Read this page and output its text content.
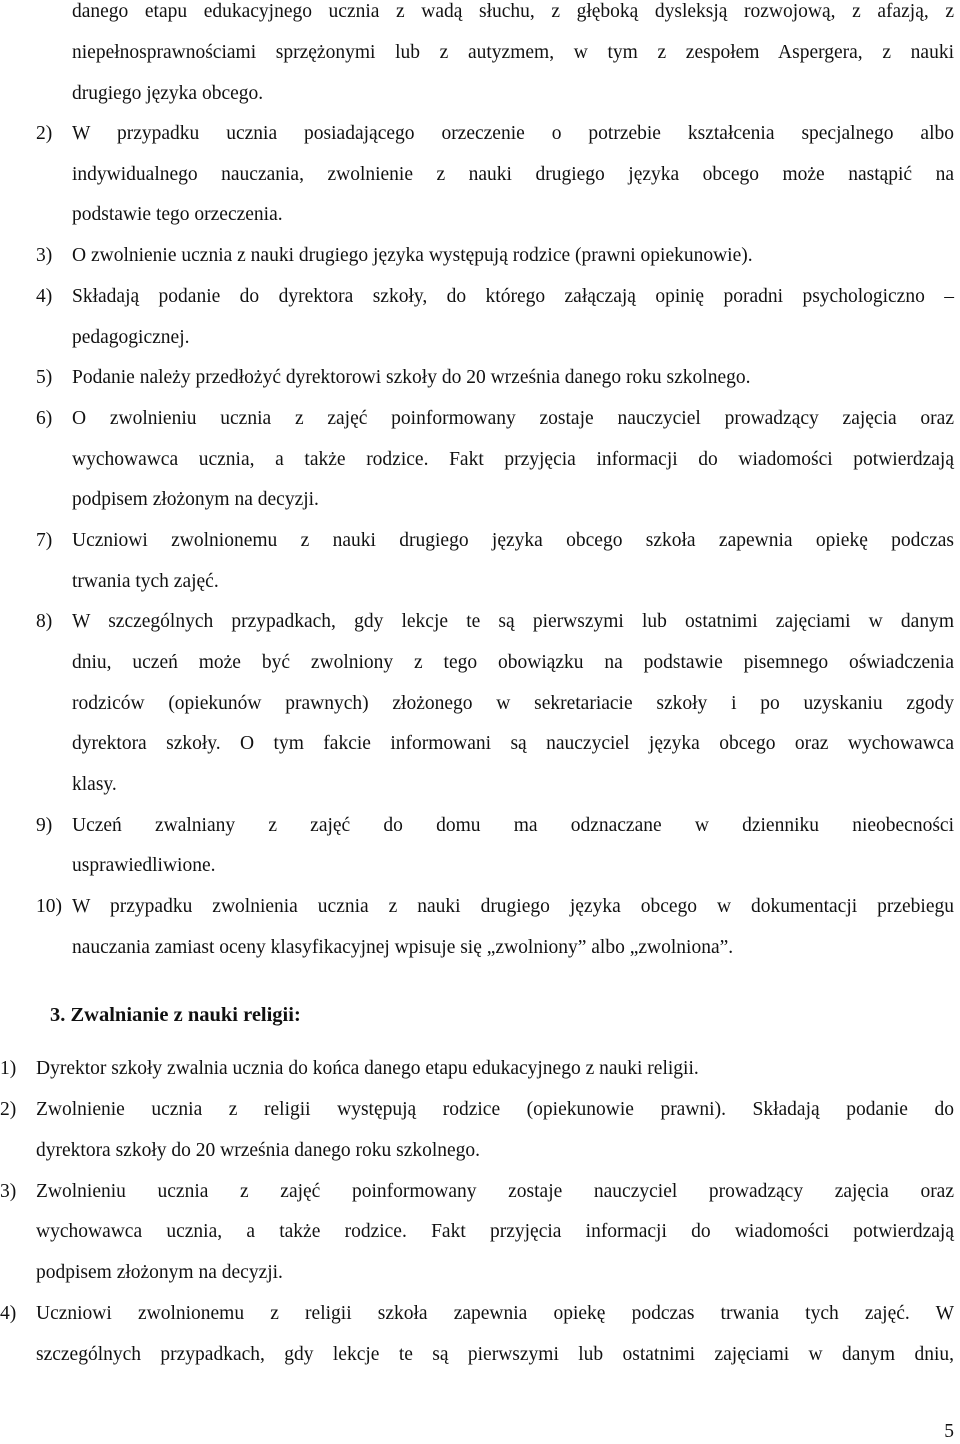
danego etapu edukacyjnego ucznia z wadą słuchu, z głęboką dysleksją rozwojową, z afazją, z
niepełnosprawnościami sprzężonymi lub z autyzmem, w tym z zespołem Aspergera, z nauki
drugiego języka obcego.
2) W przypadku ucznia posiadającego orzeczenie o potrzebie kształcenia specjalnego albo
indywidualnego nauczania, zwolnienie z nauki drugiego języka obcego może nastąpić na
podstawie tego orzeczenia.
3) O zwolnienie ucznia z nauki drugiego języka występują rodzice (prawni opiekunowie).
4) Składają podanie do dyrektora szkoły, do którego załączają opinię poradni psychologiczno –
pedagogicznej.
5) Podanie należy przedłożyć dyrektorowi szkoły do 20 września danego roku szkolnego.
6) O zwolnieniu ucznia z zajęć poinformowany zostaje nauczyciel prowadzący zajęcia oraz
wychowawca ucznia, a także rodzice. Fakt przyjęcia informacji do wiadomości potwierdzają
podpisem złożonym na decyzji.
7) Uczniowi zwolnionemu z nauki drugiego języka obcego szkoła zapewnia opiekę podczas
trwania tych zajęć.
8) W szczególnych przypadkach, gdy lekcje te są pierwszymi lub ostatnimi zajęciami w danym
dniu, uczeń może być zwolniony z tego obowiązku na podstawie pisemnego oświadczenia
rodziców (opiekunów prawnych) złożonego w sekretariacie szkoły i po uzyskaniu zgody
dyrektora szkoły. O tym fakcie informowani są nauczyciel języka obcego oraz wychowawca
klasy.
9) Uczeń zwalniany z zajęć do domu ma odznaczane w dzienniku nieobecności
usprawiedliwione.
10) W przypadku zwolnienia ucznia z nauki drugiego języka obcego w dokumentacji przebiegu
nauczania zamiast oceny klasyfikacyjnej wpisuje się „zwolniony” albo „zwolniona”.
3. Zwalnianie z nauki religii:
1) Dyrektor szkoły zwalnia ucznia do końca danego etapu edukacyjnego z nauki religii.
2) Zwolnienie ucznia z religii występują rodzice (opiekunowie prawni). Składają podanie do
dyrektora szkoły do 20 września danego roku szkolnego.
3) Zwolnieniu ucznia z zajęć poinformowany zostaje nauczyciel prowadzący zajęcia oraz
wychowawca ucznia, a także rodzice. Fakt przyjęcia informacji do wiadomości potwierdzają
podpisem złożonym na decyzji.
4) Uczniowi zwolnionemu z religii szkoła zapewnia opiekę podczas trwania tych zajęć. W
szczególnych przypadkach, gdy lekcje te są pierwszymi lub ostatnimi zajęciami w danym dniu,
5
